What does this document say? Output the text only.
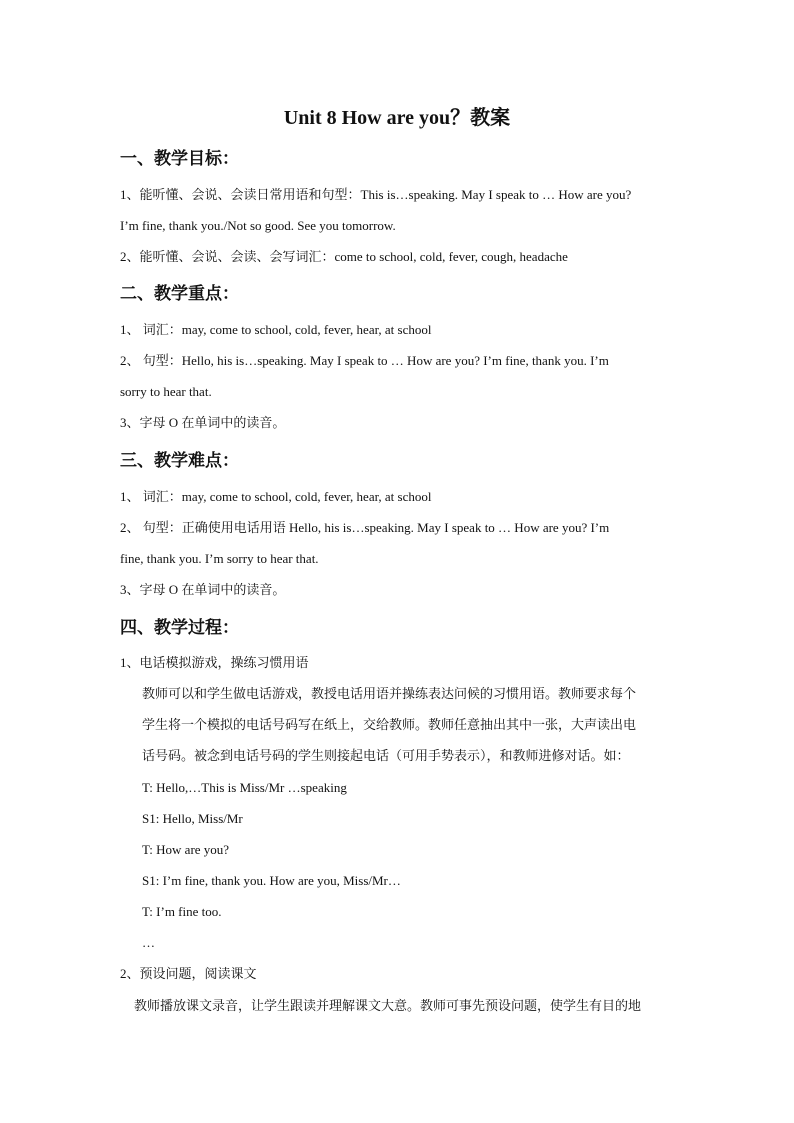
Unit 8 How are you？教案
一、教学目标：
1、能听懂、会说、会读日常用语和句型：This is…speaking. May I speak to … How are you?
I’m fine, thank you./Not so good. See you tomorrow.
2、能听懂、会说、会读、会写词汇：come to school, cold, fever, cough, headache
二、教学重点：
1、 词汇：may, come to school, cold, fever, hear, at school
2、 句型：Hello, his is…speaking. May I speak to … How are you? I’m fine, thank you. I’m
sorry to hear that.
3、字母 O 在单词中的读音。
三、教学难点：
1、 词汇：may, come to school, cold, fever, hear, at school
2、 句型：正确使用电话用语 Hello, his is…speaking. May I speak to … How are you? I’m
fine, thank you. I’m sorry to hear that.
3、字母 O 在单词中的读音。
四、教学过程：
1、电话模拟游戏，操练习惯用语
教师可以和学生做电话游戏，教授电话用语并操练表达问候的习惯用语。教师要求每个
学生将一个模拟的电话号码写在纸上，交给教师。教师任意抽出其中一张，大声读出电
话号码。被念到电话号码的学生则接起电话（可用手势表示），和教师进修对话。如：
T: Hello,…This is Miss/Mr …speaking
S1: Hello, Miss/Mr
T: How are you?
S1: I’m fine, thank you. How are you, Miss/Mr…
T: I’m fine too.
…
2、预设问题，阅读课文
教师播放课文录音，让学生跟读并理解课文大意。教师可事先预设问题，使学生有目的地
